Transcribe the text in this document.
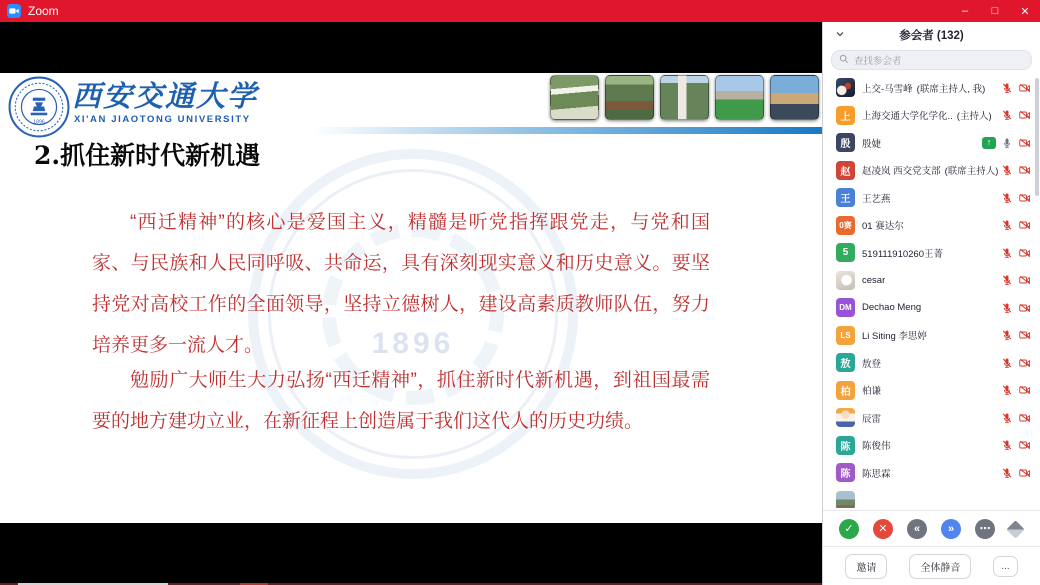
Zoom	–	□	✕
1896
西安交通大学
XI'AN JIAOTONG UNIVERSITY
2.抓住新时代新机遇
1896
“西迁精神”的核心是爱国主义，精髓是听党指挥跟党走，与党和国家、与民族和人民同呼吸、共命运，具有深刻现实意义和历史意义。要坚持党对高校工作的全面领导，坚持立德树人，建设高素质教师队伍，努力培养更多一流人才。
勉励广大师生大力弘扬“西迁精神”，抓住新时代新机遇，到祖国最需要的地方建功立业，在新征程上创造属于我们这代人的历史功绩。
参会者 (132)
查找参会者
上交-马雪峰 (联席主持人, 我)
上	上海交通大学化学化.. (主持人)
殷	殷婕	↑
赵	赵凌岚 西交党支部 (联席主持人)
王	王艺燕
0赛	01 赛达尔
5	519111910260王菁
cesar
DM	Dechao Meng
LS	Li Siting 李思婷
敖	敖登
柏	柏谦
辰雷
陈	陈俊伟
陈	陈思霖
✓	✕	«	»	⋯
邀请	全体静音	...
